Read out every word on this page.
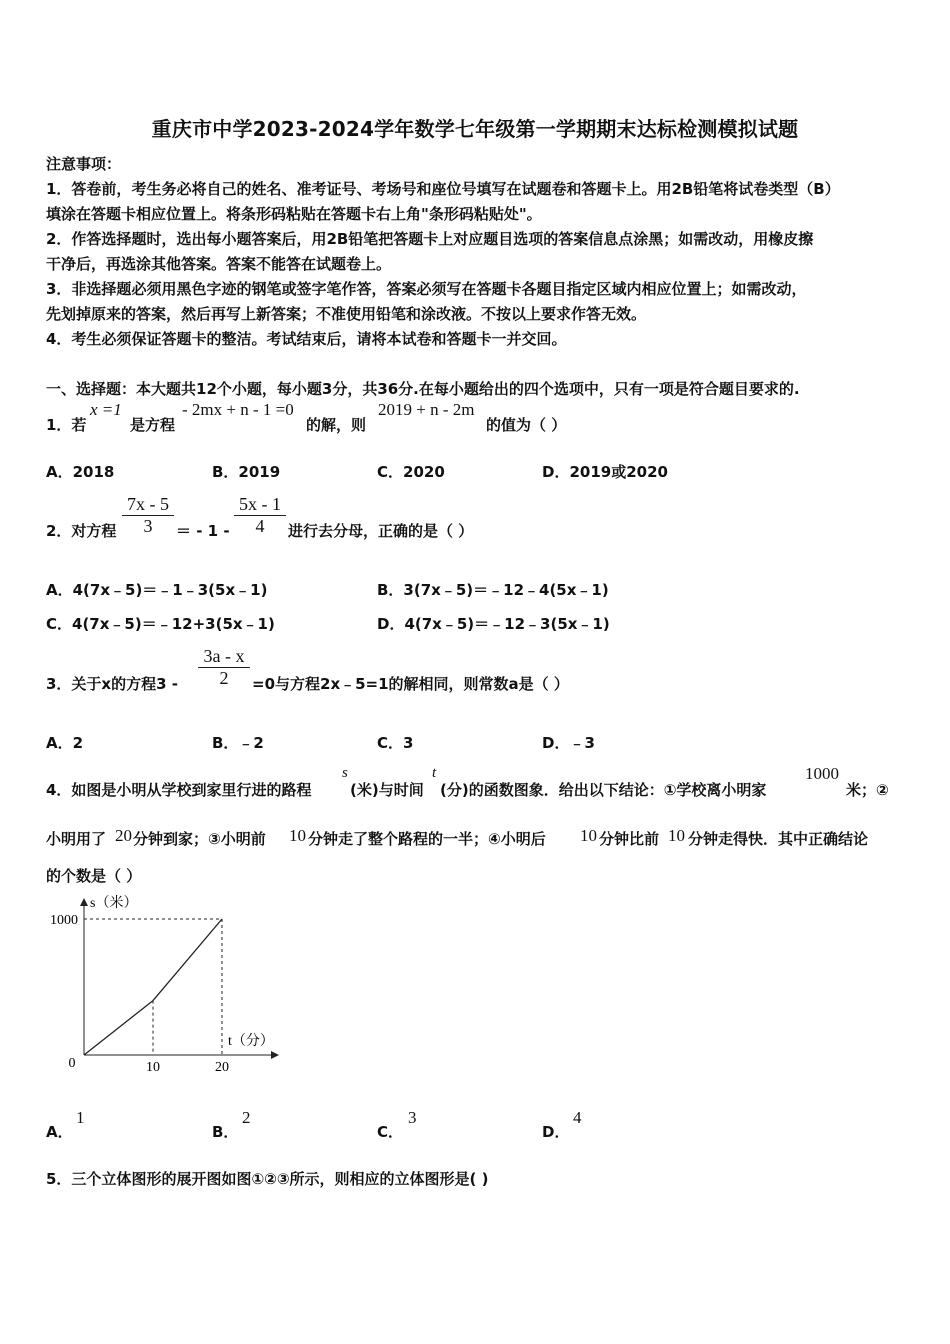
重庆市中学2023-2024学年数学七年级第一学期期末达标检测模拟试题
注意事项：
1．答卷前，考生务必将自己的姓名、准考证号、考场号和座位号填写在试题卷和答题卡上。用2B铅笔将试卷类型（B）
填涂在答题卡相应位置上。将条形码粘贴在答题卡右上角"条形码粘贴处"。
2．作答选择题时，选出每小题答案后，用2B铅笔把答题卡上对应题目选项的答案信息点涂黑；如需改动，用橡皮擦
干净后，再选涂其他答案。答案不能答在试题卷上。
3．非选择题必须用黑色字迹的钢笔或签字笔作答，答案必须写在答题卡各题目指定区域内相应位置上；如需改动，
先划掉原来的答案，然后再写上新答案；不准使用铅笔和涂改液。不按以上要求作答无效。
4．考生必须保证答题卡的整洁。考试结束后，请将本试卷和答题卡一并交回。
一、选择题：本大题共12个小题，每小题3分，共36分.在每小题给出的四个选项中，只有一项是符合题目要求的.
1．若
x =1
是方程
- 2mx + n - 1 =0
的解，则
2019 + n - 2m
的值为（ ）
A．2018	B．2019	C．2020	D．2019或2020
2．对方程 $\frac{7x - 5}{3}$ ＝ - $1 - \frac{5x - 1}{4}$ 进行去分母，正确的是（ ）
A．4(7x﹣5)＝﹣1﹣3(5x﹣1)	B．3(7x﹣5)＝﹣12﹣4(5x﹣1)
C．4(7x﹣5)＝﹣12+3(5x﹣1)	D．4(7x﹣5)＝﹣12﹣3(5x﹣1)
3．关于x的方程$3 - \frac{3a - x}{2} =0$与方程2x﹣5=1的解相同，则常数a是（ ）
A．2	B．﹣2	C．3	D．﹣3
4．如图是小明从学校到家里行进的路程
s
(米)与时间
t
(分)的函数图象．给出以下结论：①学校离小明家
1000
米；②
小明用了 20 分钟到家；③小明前 10 分钟走了整个路程的一半；④小明后 10 分钟比前 10 分钟走得快．其中正确结论
的个数是（ ）
0	10	20
1000
s（米）
t（分）
A．
1
B．
2
C．
3
D．
4
5．三个立体图形的展开图如图①②③所示，则相应的立体图形是( )
